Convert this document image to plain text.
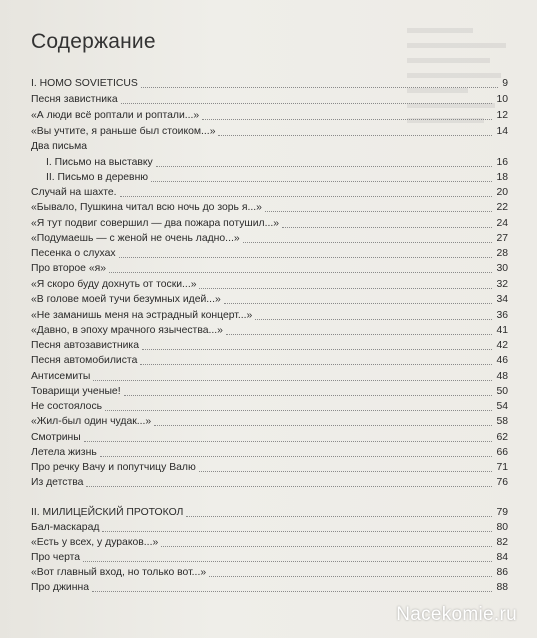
Содержание
I. HOMO SOVIETICUS	9
Песня завистника	10
«А люди всё роптали и роптали...»	12
«Вы учтите, я раньше был стоиком...»	14
Два письма
I. Письмо на выставку	16
II. Письмо в деревню	18
Случай на шахте.	20
«Бывало, Пушкина читал всю ночь до зорь я...»	22
«Я тут подвиг совершил — два пожара потушил...»	24
«Подумаешь — с женой не очень ладно...»	27
Песенка о слухах	28
Про второе «я»	30
«Я скоро буду дохнуть от тоски...»	32
«В голове моей тучи безумных идей...»	34
«Не заманишь меня на эстрадный концерт...»	36
«Давно, в эпоху мрачного язычества...»	41
Песня автозавистника	42
Песня автомобилиста	46
Антисемиты	48
Товарищи ученые!	50
Не состоялось	54
«Жил-был один чудак...»	58
Смотрины	62
Летела жизнь	66
Про речку Вачу и попутчицу Валю	71
Из детства	76
II. МИЛИЦЕЙСКИЙ ПРОТОКОЛ	79
Бал-маскарад	80
«Есть у всех, у дураков...»	82
Про черта	84
«Вот главный вход, но только вот...»	86
Про джинна	88
Nacekomie.ru
